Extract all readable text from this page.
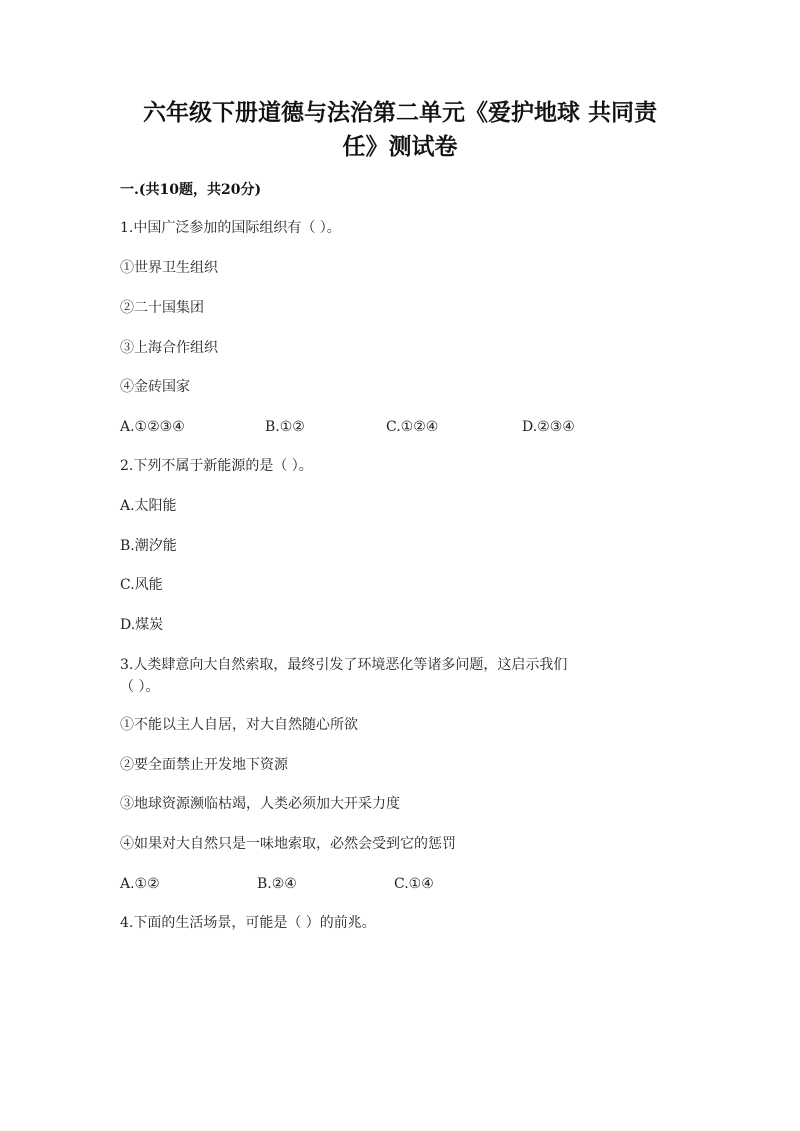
六年级下册道德与法治第二单元《爱护地球 共同责
任》测试卷
一.(共10题，共20分)
1.中国广泛参加的国际组织有（ ）。
①世界卫生组织
②二十国集团
③上海合作组织
④金砖国家
A.①②③④	B.①②	C.①②④	D.②③④
2.下列不属于新能源的是（ ）。
A.太阳能
B.潮汐能
C.风能
D.煤炭
3.人类肆意向大自然索取，最终引发了环境恶化等诸多问题，这启示我们
（ ）。
①不能以主人自居，对大自然随心所欲
②要全面禁止开发地下资源
③地球资源濒临枯竭，人类必须加大开采力度
④如果对大自然只是一味地索取，必然会受到它的惩罚
A.①②	B.②④	C.①④
4.下面的生活场景，可能是（ ）的前兆。
